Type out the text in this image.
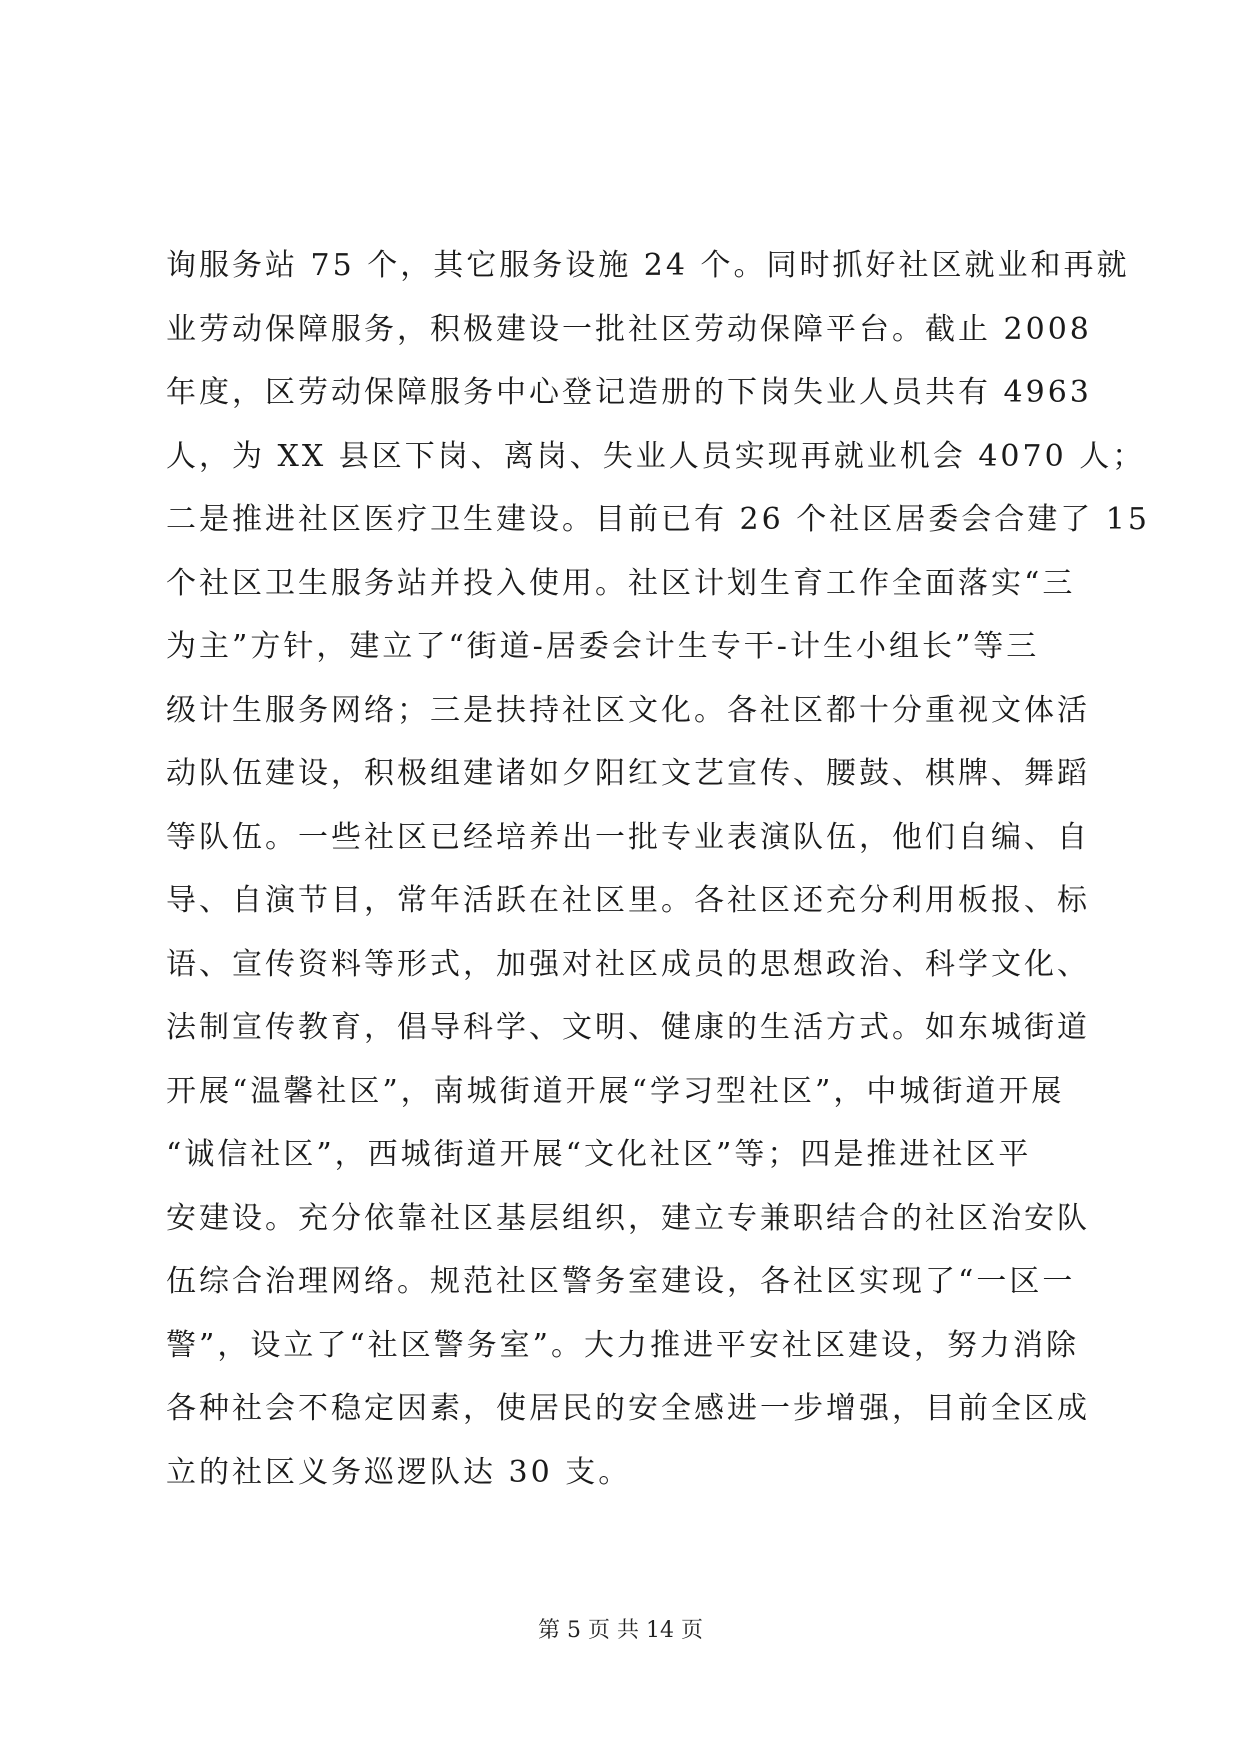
询服务站 75 个，其它服务设施 24 个。同时抓好社区就业和再就
业劳动保障服务，积极建设一批社区劳动保障平台。截止 2008
年度，区劳动保障服务中心登记造册的下岗失业人员共有 4963
人，为 XX 县区下岗、离岗、失业人员实现再就业机会 4070 人；
二是推进社区医疗卫生建设。目前已有 26 个社区居委会合建了 15
个社区卫生服务站并投入使用。社区计划生育工作全面落实“三
为主”方针，建立了“街道-居委会计生专干-计生小组长”等三
级计生服务网络；三是扶持社区文化。各社区都十分重视文体活
动队伍建设，积极组建诸如夕阳红文艺宣传、腰鼓、棋牌、舞蹈
等队伍。一些社区已经培养出一批专业表演队伍，他们自编、自
导、自演节目，常年活跃在社区里。各社区还充分利用板报、标
语、宣传资料等形式，加强对社区成员的思想政治、科学文化、
法制宣传教育，倡导科学、文明、健康的生活方式。如东城街道
开展“温馨社区”，南城街道开展“学习型社区”，中城街道开展
“诚信社区”，西城街道开展“文化社区”等；四是推进社区平
安建设。充分依靠社区基层组织，建立专兼职结合的社区治安队
伍综合治理网络。规范社区警务室建设，各社区实现了“一区一
警”，设立了“社区警务室”。大力推进平安社区建设，努力消除
各种社会不稳定因素，使居民的安全感进一步增强，目前全区成
立的社区义务巡逻队达 30 支。
第 5 页 共 14 页
